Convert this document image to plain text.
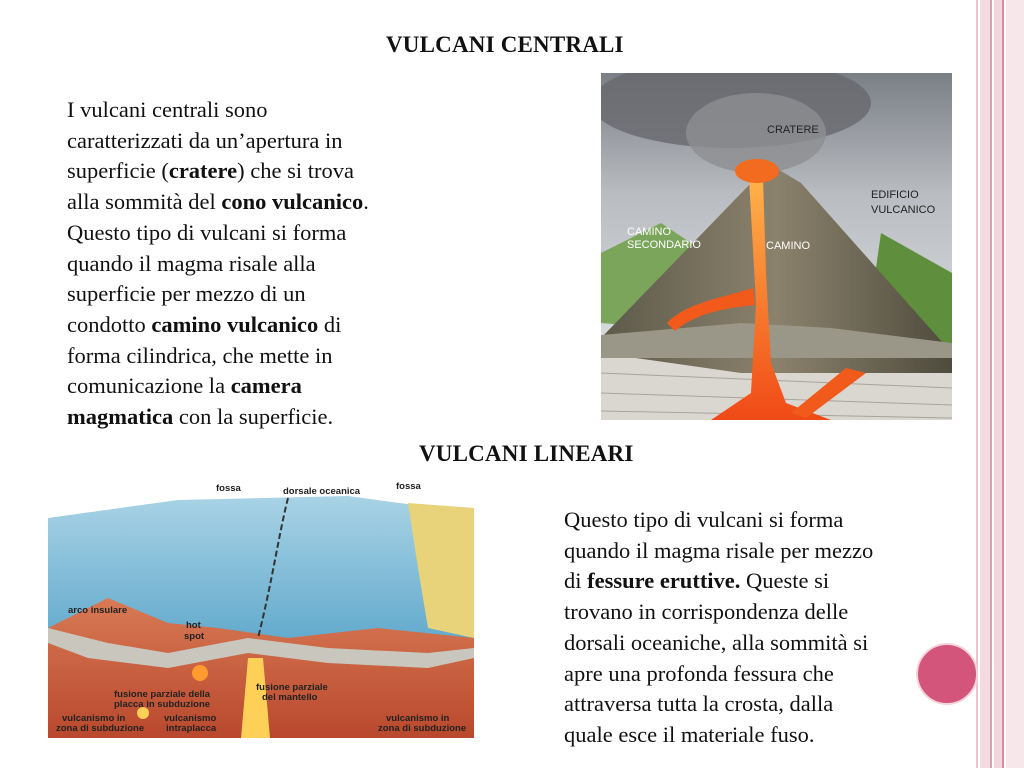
VULCANI CENTRALI
I vulcani centrali sono
caratterizzati da un’apertura in
superficie (cratere) che si trova
alla sommità del cono vulcanico.
Questo tipo di vulcani si forma
quando il magma risale alla
superficie per mezzo di un
condotto camino vulcanico di
forma cilindrica, che mette in
comunicazione la camera
magmatica con la superficie.
CRATERE
EDIFICIO
VULCANICO
CAMINO
SECONDARIO	CAMINO
VULCANI LINEARI
fossa	dorsale oceanica	fossa
arco insulare
hot
spot
fusione parziale della
placca in subduzione
fusione parziale
del mantello
vulcanismo in
zona di subduzione
vulcanismo
intraplacca
vulcanismo in
zona di subduzione
Questo tipo di vulcani si forma
quando il magma risale per mezzo
di fessure eruttive. Queste si
trovano in corrispondenza delle
dorsali oceaniche, alla sommità si
apre una profonda fessura che
attraversa tutta la crosta, dalla
quale esce il materiale fuso.
